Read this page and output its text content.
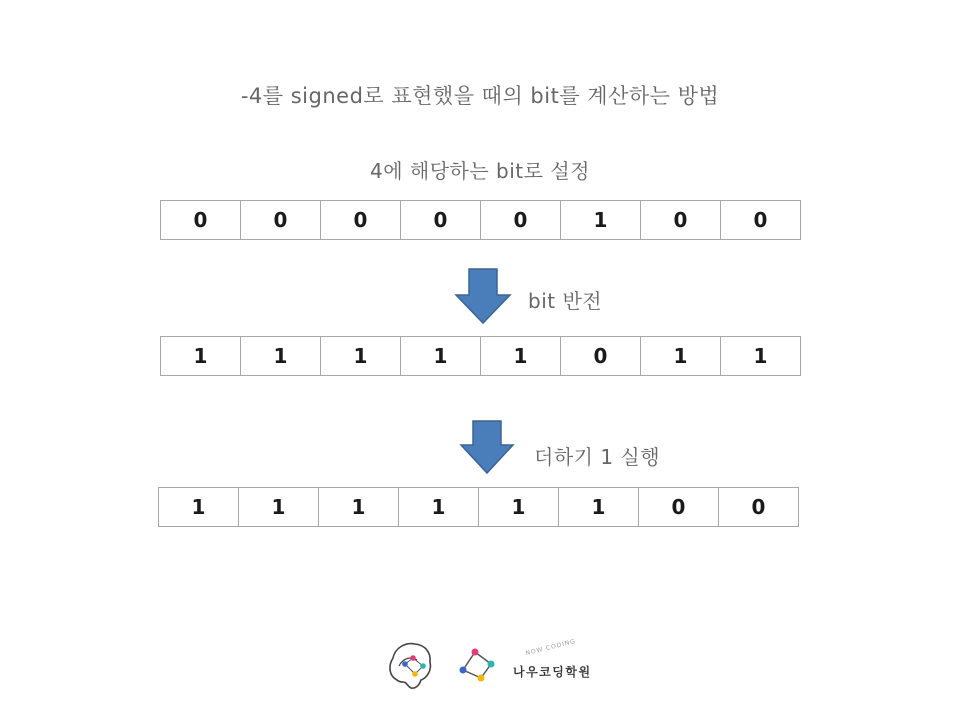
-4를 signed로 표현했을 때의 bit를 계산하는 방법
4에 해당하는 bit로 설정
0	0	0	0	0	1	0	0
bit 반전
1	1	1	1	1	0	1	1
더하기 1 실행
1	1	1	1	1	1	0	0
NOW CODING
나우코딩학원
